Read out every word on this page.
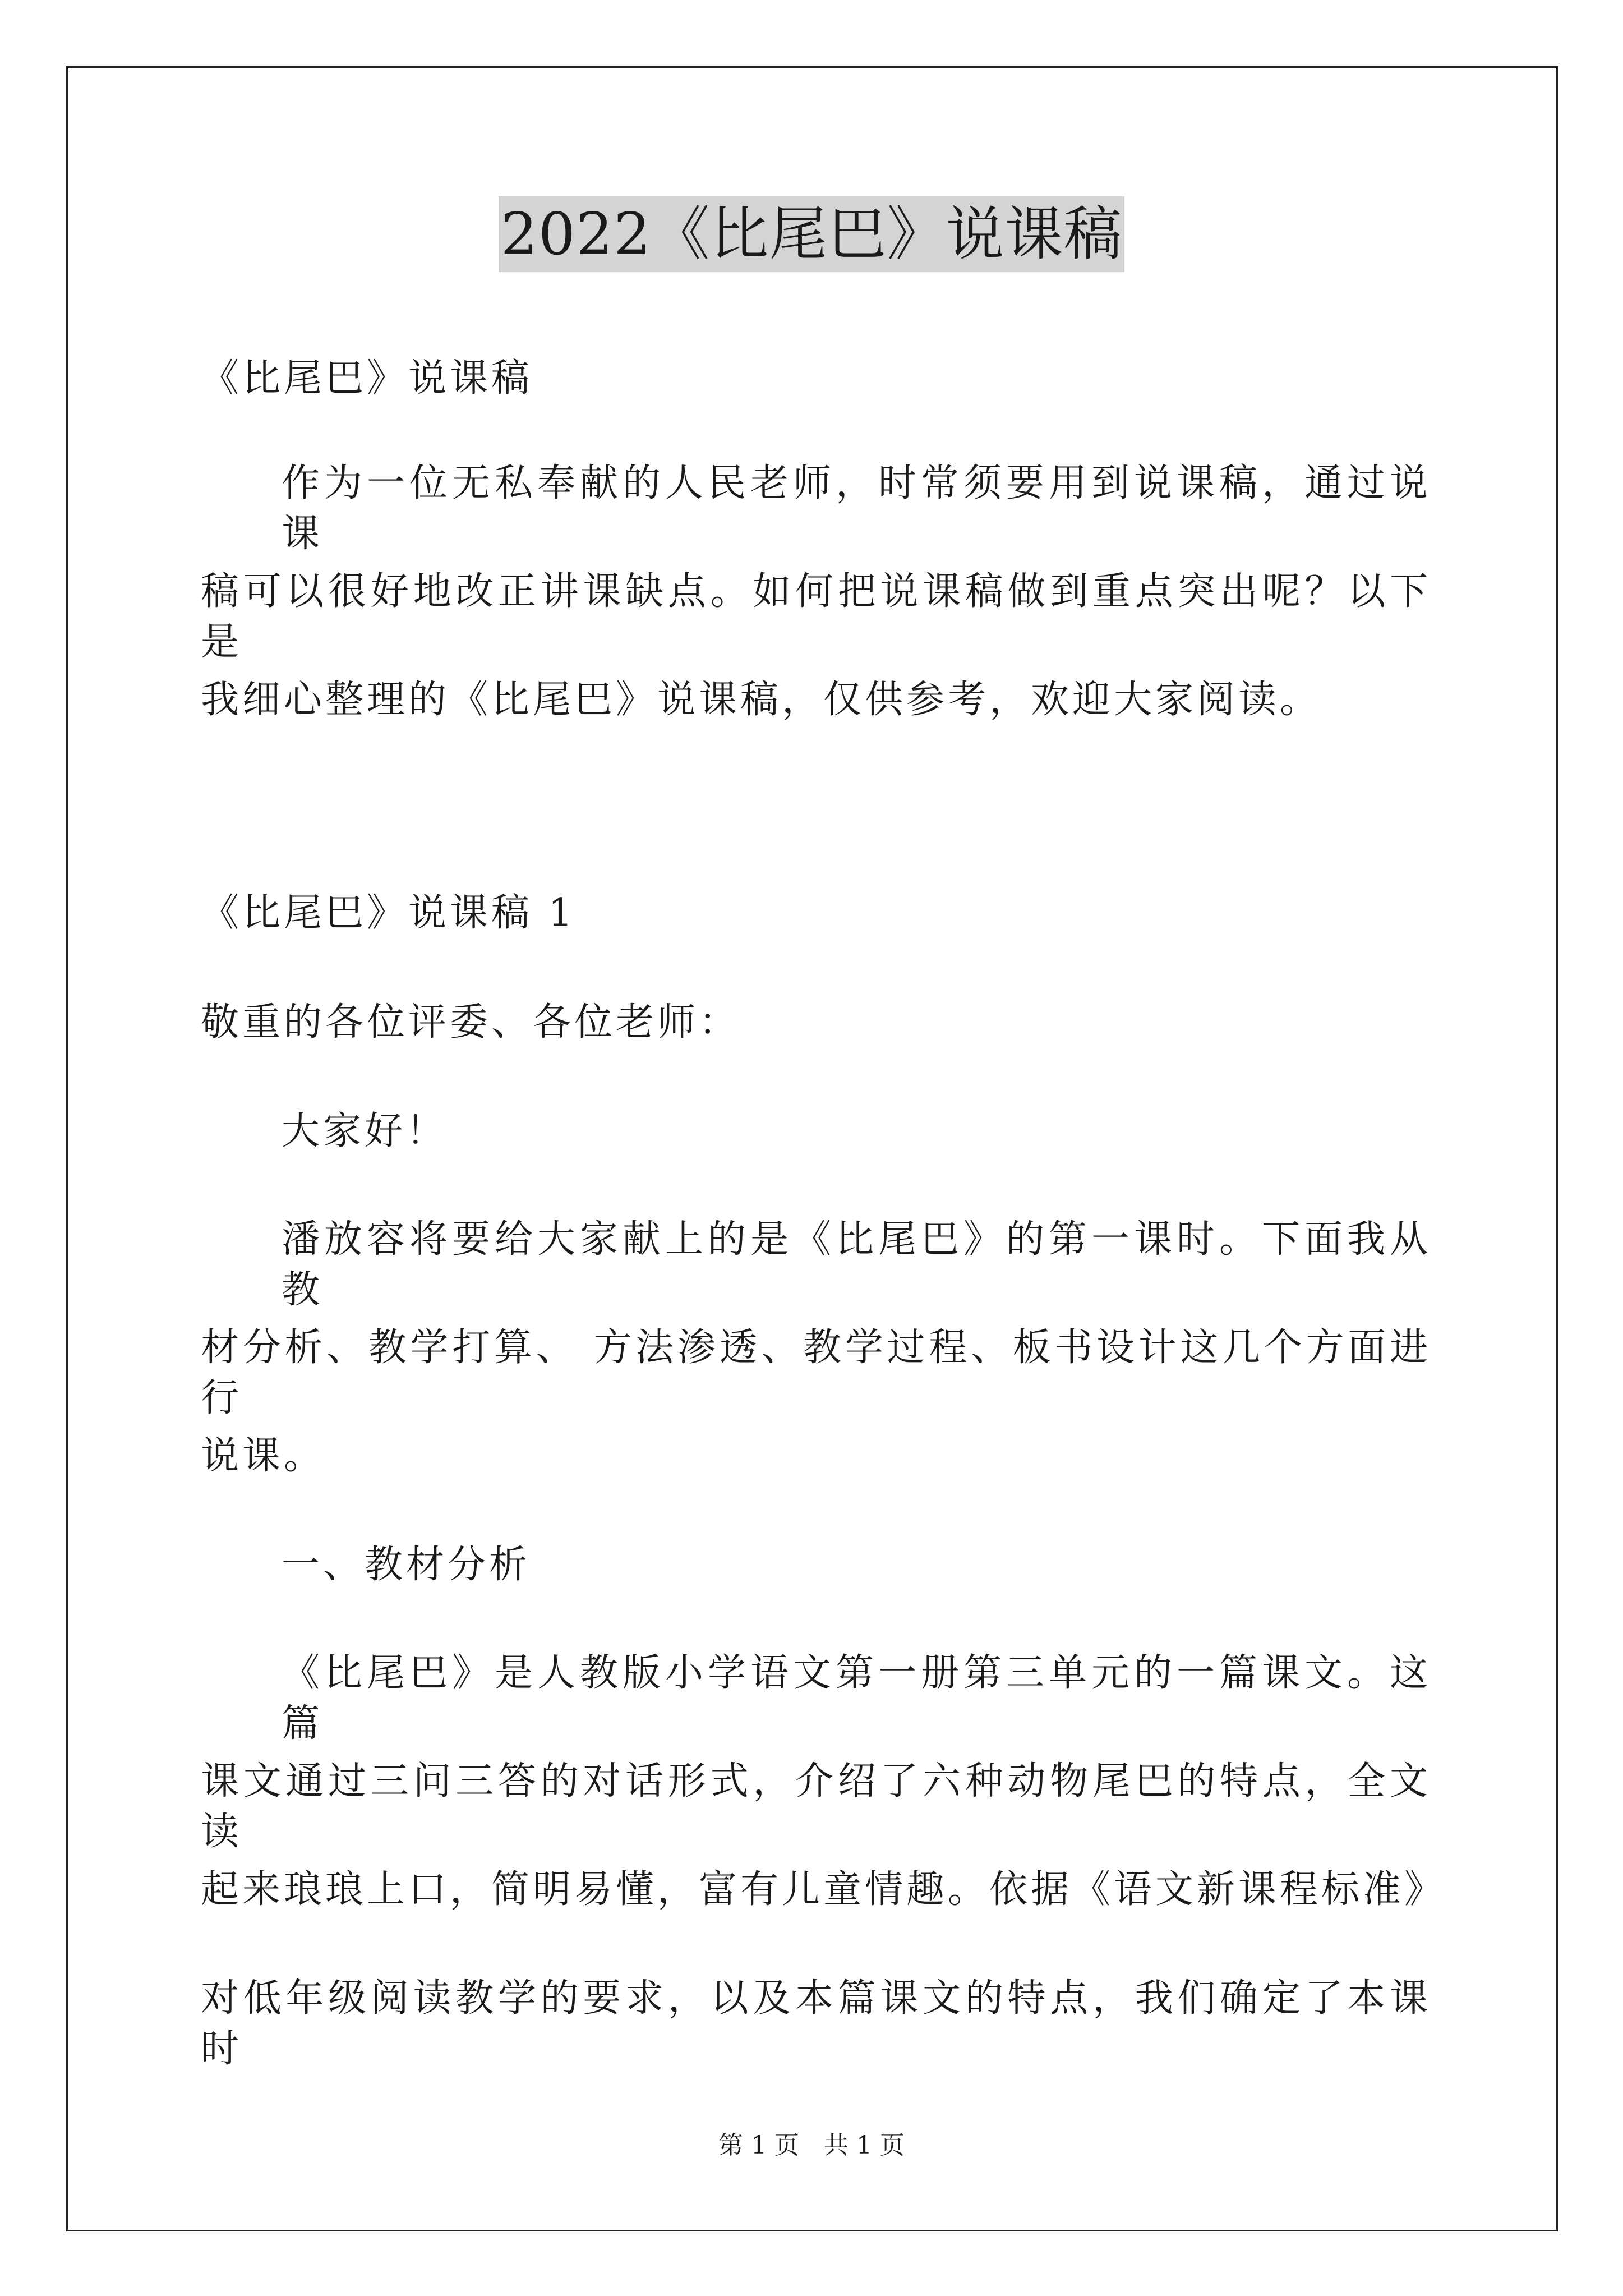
2022《比尾巴》说课稿
《比尾巴》说课稿
作为一位无私奉献的人民老师，时常须要用到说课稿，通过说课
稿可以很好地改正讲课缺点。如何把说课稿做到重点突出呢？以下是
我细心整理的《比尾巴》说课稿，仅供参考，欢迎大家阅读。
《比尾巴》说课稿 1
敬重的各位评委、各位老师：
大家好！
潘放容将要给大家献上的是《比尾巴》的第一课时。下面我从教
材分析、教学打算、 方法渗透、教学过程、板书设计这几个方面进行
说课。
一、教材分析
《比尾巴》是人教版小学语文第一册第三单元的一篇课文。这篇
课文通过三问三答的对话形式，介绍了六种动物尾巴的特点，全文读
起来琅琅上口，简明易懂，富有儿童情趣。依据《语文新课程标准》
对低年级阅读教学的要求，以及本篇课文的特点，我们确定了本课时
第 1 页　共 1 页
